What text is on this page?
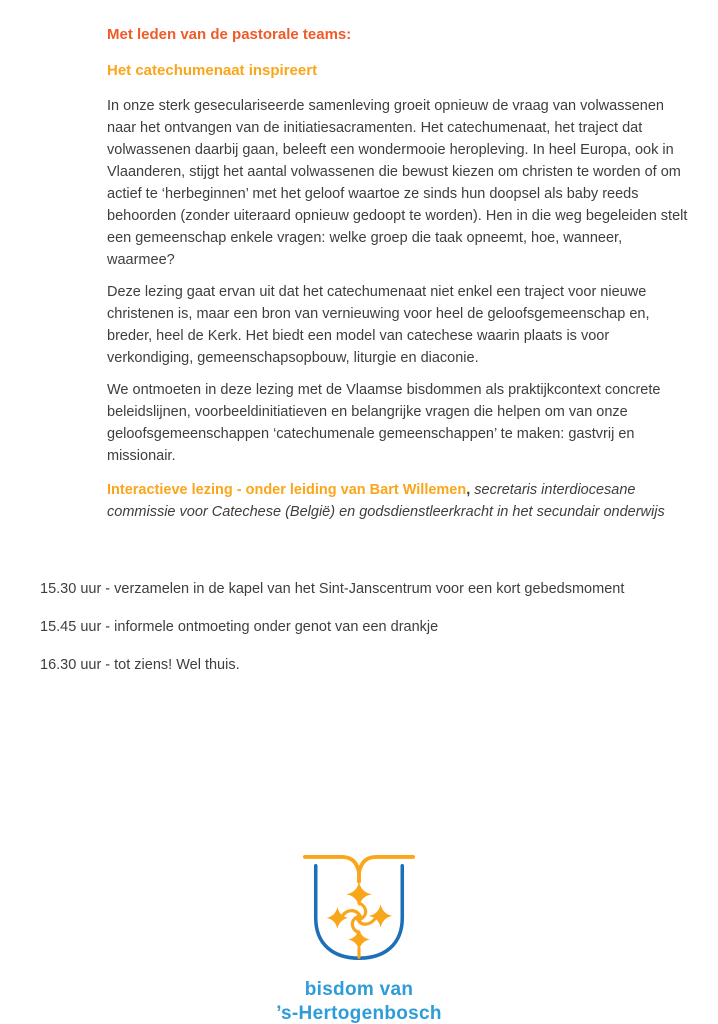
Met leden van de pastorale teams:

Het catechumenaat inspireert

In onze sterk geseculariseerde samenleving groeit opnieuw de vraag van volwassenen naar het ontvangen van de initiatiesacramenten. Het catechumenaat, het traject dat volwassenen daarbij gaan, beleeft een wondermooie heropleving. In heel Europa, ook in Vlaanderen, stijgt het aantal volwassenen die bewust kiezen om christen te worden of om actief te ‘herbeginnen’ met het geloof waartoe ze sinds hun doopsel als baby reeds behoorden (zonder uiteraard opnieuw gedoopt te worden). Hen in die weg begeleiden stelt een gemeenschap enkele vragen: welke groep die taak opneemt, hoe, wanneer, waarmee?

Deze lezing gaat ervan uit dat het catechumenaat niet enkel een traject voor nieuwe christenen is, maar een bron van vernieuwing voor heel de geloofsgemeenschap en, breder, heel de Kerk. Het biedt een model van catechese waarin plaats is voor verkondiging, gemeenschapsopbouw, liturgie en diaconie.

We ontmoeten in deze lezing met de Vlaamse bisdommen als praktijkcontext concrete beleidslijnen, voorbeeldinitiatieven en belangrijke vragen die helpen om van onze geloofsgemeenschappen ‘catechumenale gemeenschappen’ te maken: gastvrij en missionair.

Interactieve lezing - onder leiding van Bart Willemen, secretaris interdiocesane commissie voor Catechese (België) en godsdienstleerkracht in het secundair onderwijs

15.30 uur - verzamelen in de kapel van het Sint-Janscentrum voor een kort gebedsmoment

15.45 uur - informele ontmoeting onder genot van een drankje

16.30 uur - tot ziens! Wel thuis.

bisdom van
’s-Hertogenbosch
